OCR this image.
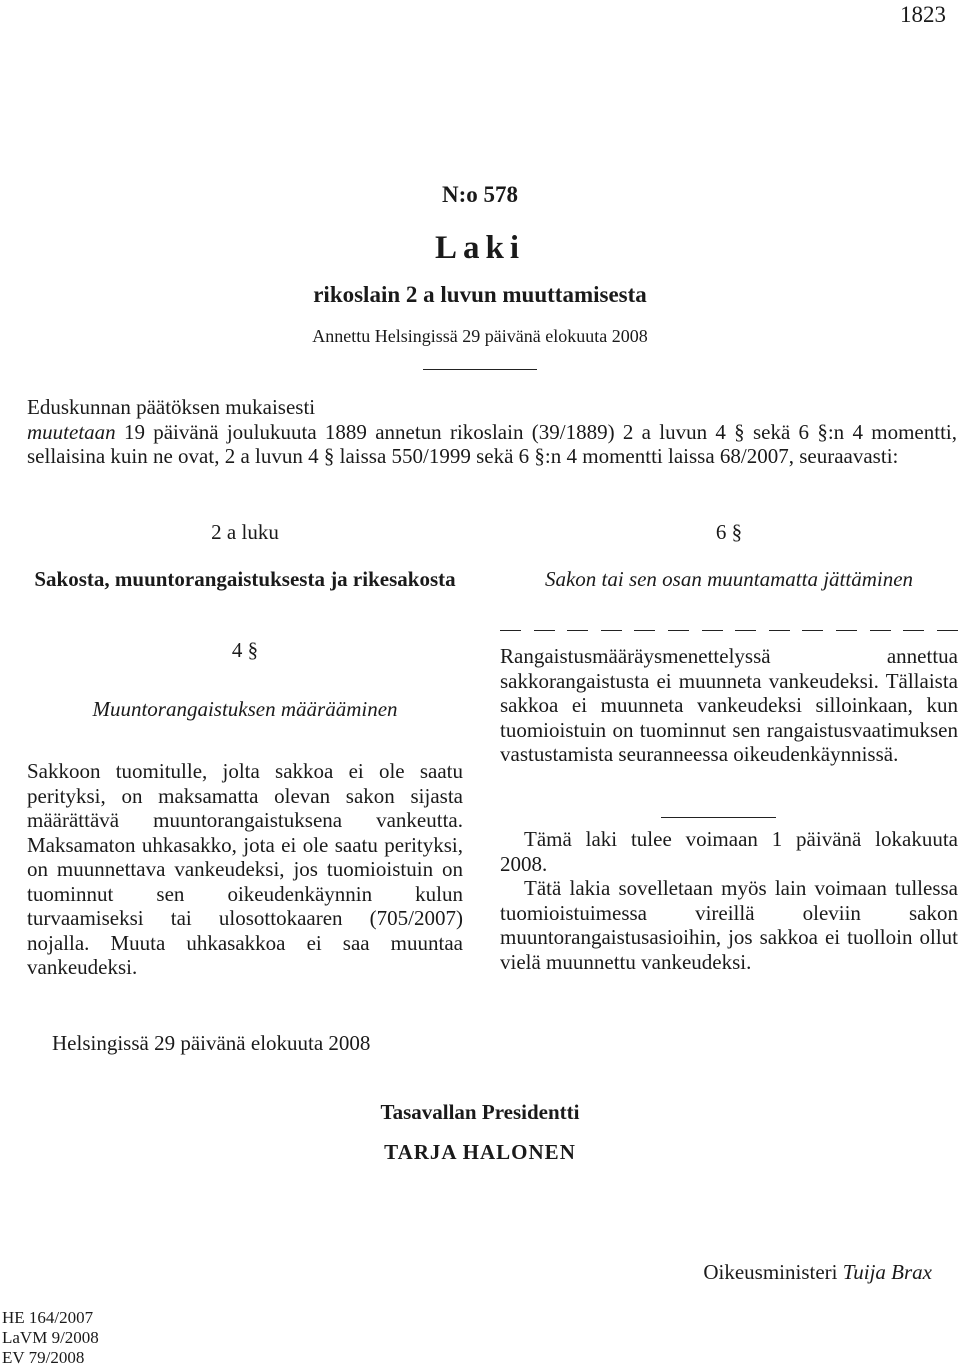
1823
N:o 578
Laki
rikoslain 2 a luvun muuttamisesta
Annettu Helsingissä 29 päivänä elokuuta 2008

Eduskunnan päätöksen mukaisesti

muutetaan 19 päivänä joulukuuta 1889 annetun rikoslain (39/1889) 2 a luvun 4 § sekä 6 §:n 4 momentti, sellaisina kuin ne ovat, 2 a luvun 4 § laissa 550/1999 sekä 6 §:n 4 momentti laissa 68/2007, seuraavasti:

2 a luku
Sakosta, muuntorangaistuksesta ja rikesakosta
4 §
Muuntorangaistuksen määrääminen
Sakkoon tuomitulle, jolta sakkoa ei ole saatu perityksi, on maksamatta olevan sakon sijasta määrättävä muuntorangaistuksena vankeutta. Maksamaton uhkasakko, jota ei ole saatu perityksi, on muunnettava vankeudeksi, jos tuomioistuin on tuominnut sen oikeudenkäynnin kulun turvaamiseksi tai ulosottokaaren (705/2007) nojalla. Muuta uhkasakkoa ei saa muuntaa vankeudeksi.
6 §
Sakon tai sen osan muuntamatta jättäminen
Rangaistusmääräysmenettelyssä annettua sakkorangaistusta ei muunneta vankeudeksi. Tällaista sakkoa ei muunneta vankeudeksi silloinkaan, kun tuomioistuin on tuominnut sen rangaistusvaatimuksen vastustamista seuranneessa oikeudenkäynnissä.

Tämä laki tulee voimaan 1 päivänä lokakuuta 2008.

Tätä lakia sovelletaan myös lain voimaan tullessa tuomioistuimessa vireillä oleviin sakon muuntorangaistusasioihin, jos sakkoa ei tuolloin ollut vielä muunnettu vankeudeksi.

Helsingissä 29 päivänä elokuuta 2008
Tasavallan Presidentti
TARJA HALONEN
Oikeusministeri Tuija Brax
HE 164/2007
LaVM 9/2008
EV 79/2008
